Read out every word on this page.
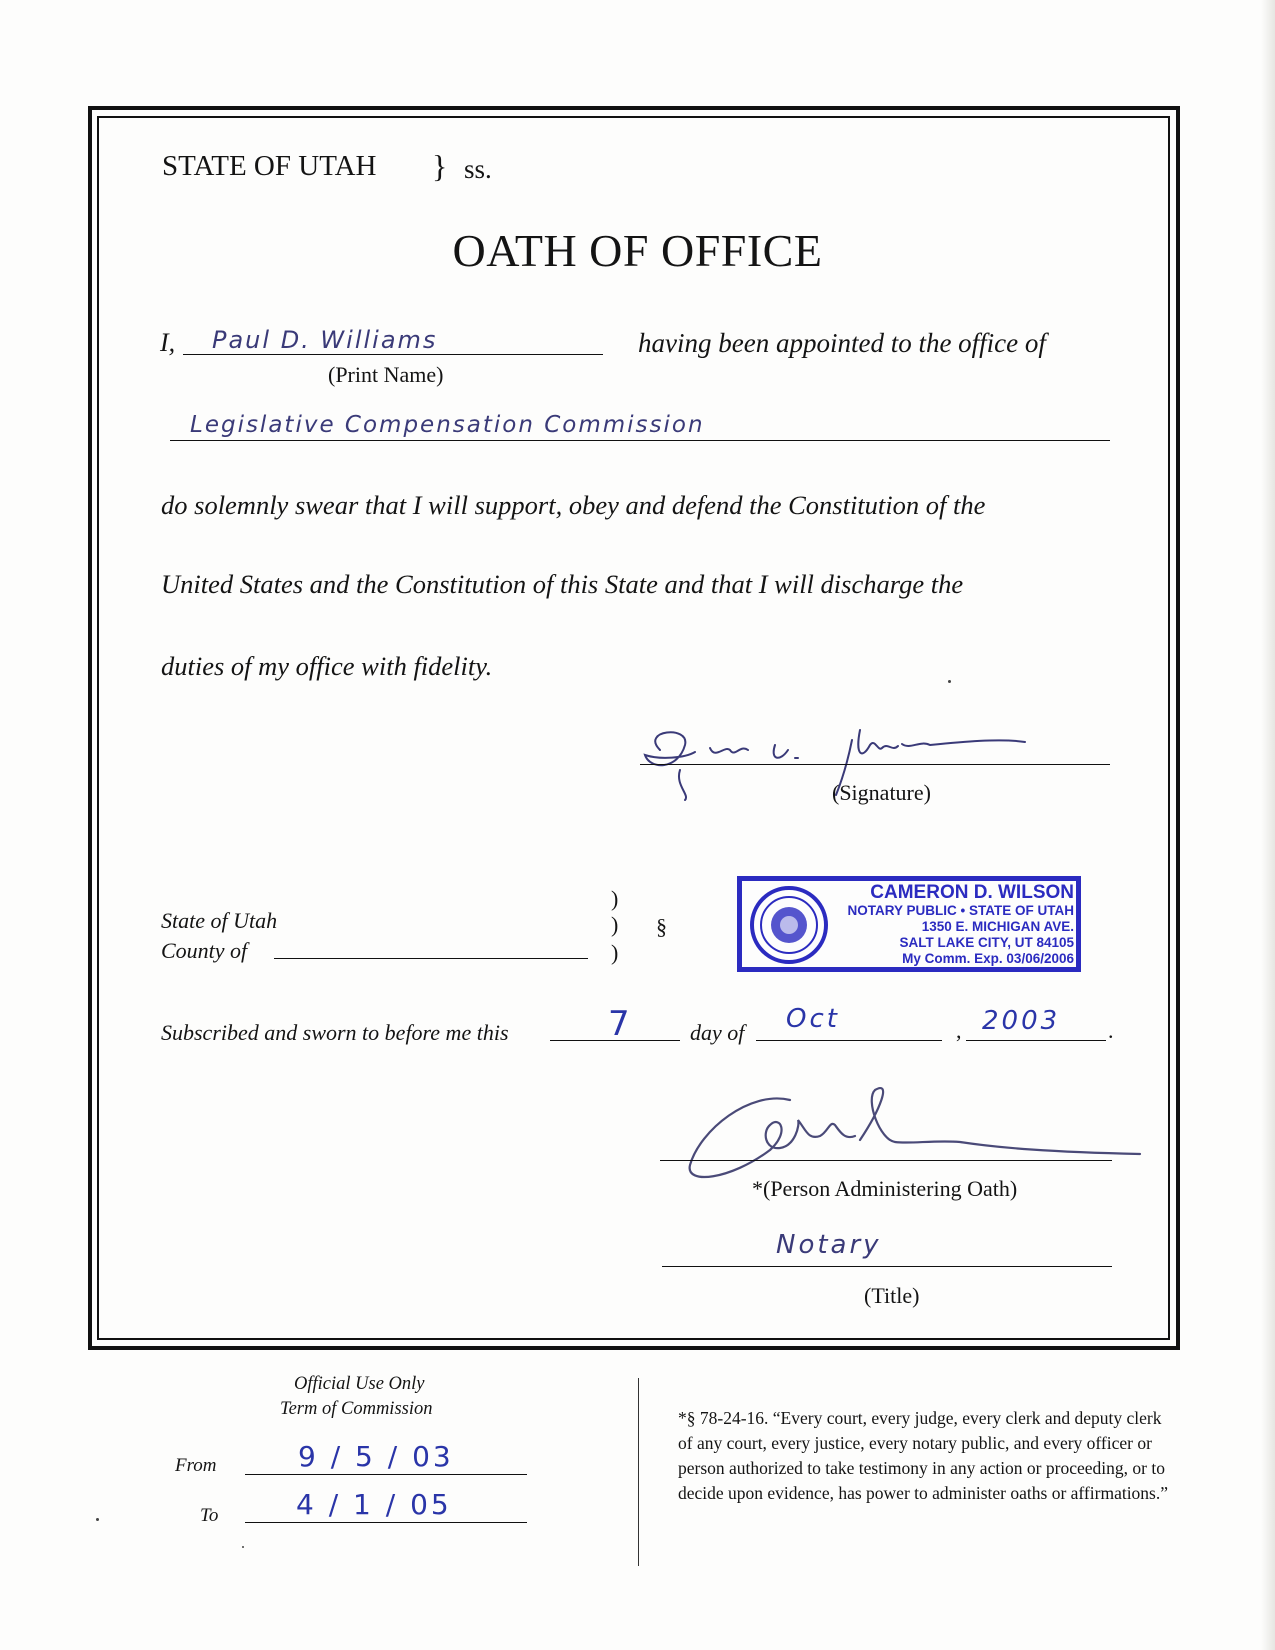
STATE OF UTAH } ss.
OATH OF OFFICE
I, Paul D. Williams
(Print Name)
having been appointed to the office of
Legislative Compensation Commission
do solemnly swear that I will support, obey and defend the Constitution of the
United States and the Constitution of this State and that I will discharge the
duties of my office with fidelity.
(Signature)
State of Utah
County of
)
)
)
§
CAMERON D. WILSON
NOTARY PUBLIC • STATE OF UTAH
1350 E. MICHIGAN AVE.
SALT LAKE CITY, UT 84105
My Comm. Exp. 03/06/2006
Subscribed and sworn to before me this	7	day of Oct	, 2003 .
*(Person Administering Oath)
Notary
(Title)
Official Use Only
Term of Commission
From	9 / 5 / 03
To	4 / 1 / 05
*§ 78-24-16. “Every court, every judge, every clerk and deputy clerk of any court, every justice, every notary public, and every officer or person authorized to take testimony in any action or proceeding, or to decide upon evidence, has power to administer oaths or affirmations.”
